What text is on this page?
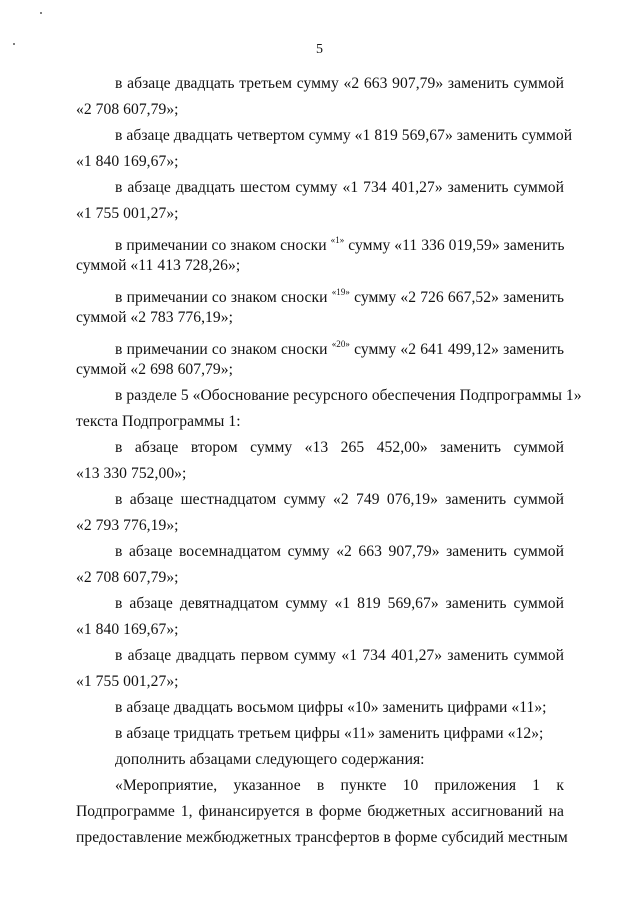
5
в абзаце двадцать третьем сумму «2 663 907,79» заменить суммой
«2 708 607,79»;
в абзаце двадцать четвертом сумму «1 819 569,67» заменить суммой
«1 840 169,67»;
в абзаце двадцать шестом сумму «1 734 401,27» заменить суммой
«1 755 001,27»;
в примечании со знаком сноски $^{«1»}$ сумму «11 336 019,59» заменить
суммой «11 413 728,26»;
в примечании со знаком сноски $^{«19»}$ сумму «2 726 667,52» заменить
суммой «2 783 776,19»;
в примечании со знаком сноски $^{«20»}$ сумму «2 641 499,12» заменить
суммой «2 698 607,79»;
в разделе 5 «Обоснование ресурсного обеспечения Подпрограммы 1»
текста Подпрограммы 1:
в абзаце втором сумму «13 265 452,00» заменить суммой
«13 330 752,00»;
в абзаце шестнадцатом сумму «2 749 076,19» заменить суммой
«2 793 776,19»;
в абзаце восемнадцатом сумму «2 663 907,79» заменить суммой
«2 708 607,79»;
в абзаце девятнадцатом сумму «1 819 569,67» заменить суммой
«1 840 169,67»;
в абзаце двадцать первом сумму «1 734 401,27» заменить суммой
«1 755 001,27»;
в абзаце двадцать восьмом цифры «10» заменить цифрами «11»;
в абзаце тридцать третьем цифры «11» заменить цифрами «12»;
дополнить абзацами следующего содержания:
«Мероприятие, указанное в пункте 10 приложения 1 к
Подпрограмме 1, финансируется в форме бюджетных ассигнований на
предоставление межбюджетных трансфертов в форме субсидий местным
